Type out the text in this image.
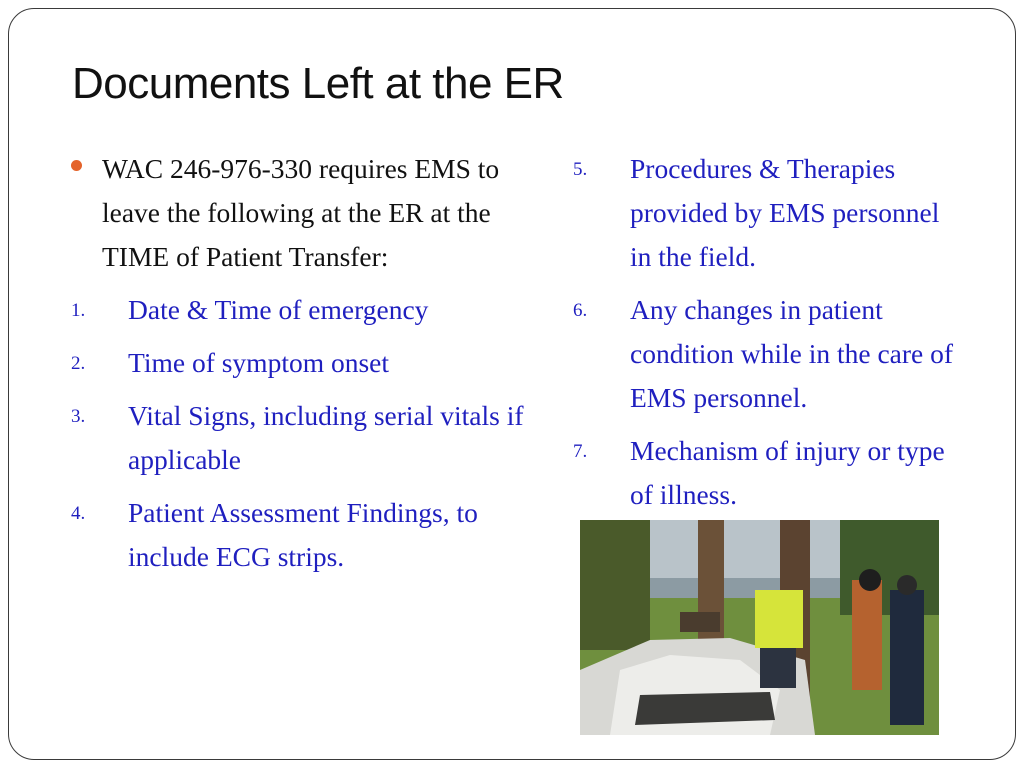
Documents Left at the ER
WAC 246-976-330 requires EMS to leave the following at the ER at the TIME of Patient Transfer:
1. Date & Time of emergency
2. Time of symptom onset
3. Vital Signs, including serial vitals if applicable
4. Patient Assessment Findings, to include ECG strips.
5. Procedures & Therapies provided by EMS personnel in the field.
6. Any changes in patient condition while in the care of EMS personnel.
7. Mechanism of injury or type of illness.
